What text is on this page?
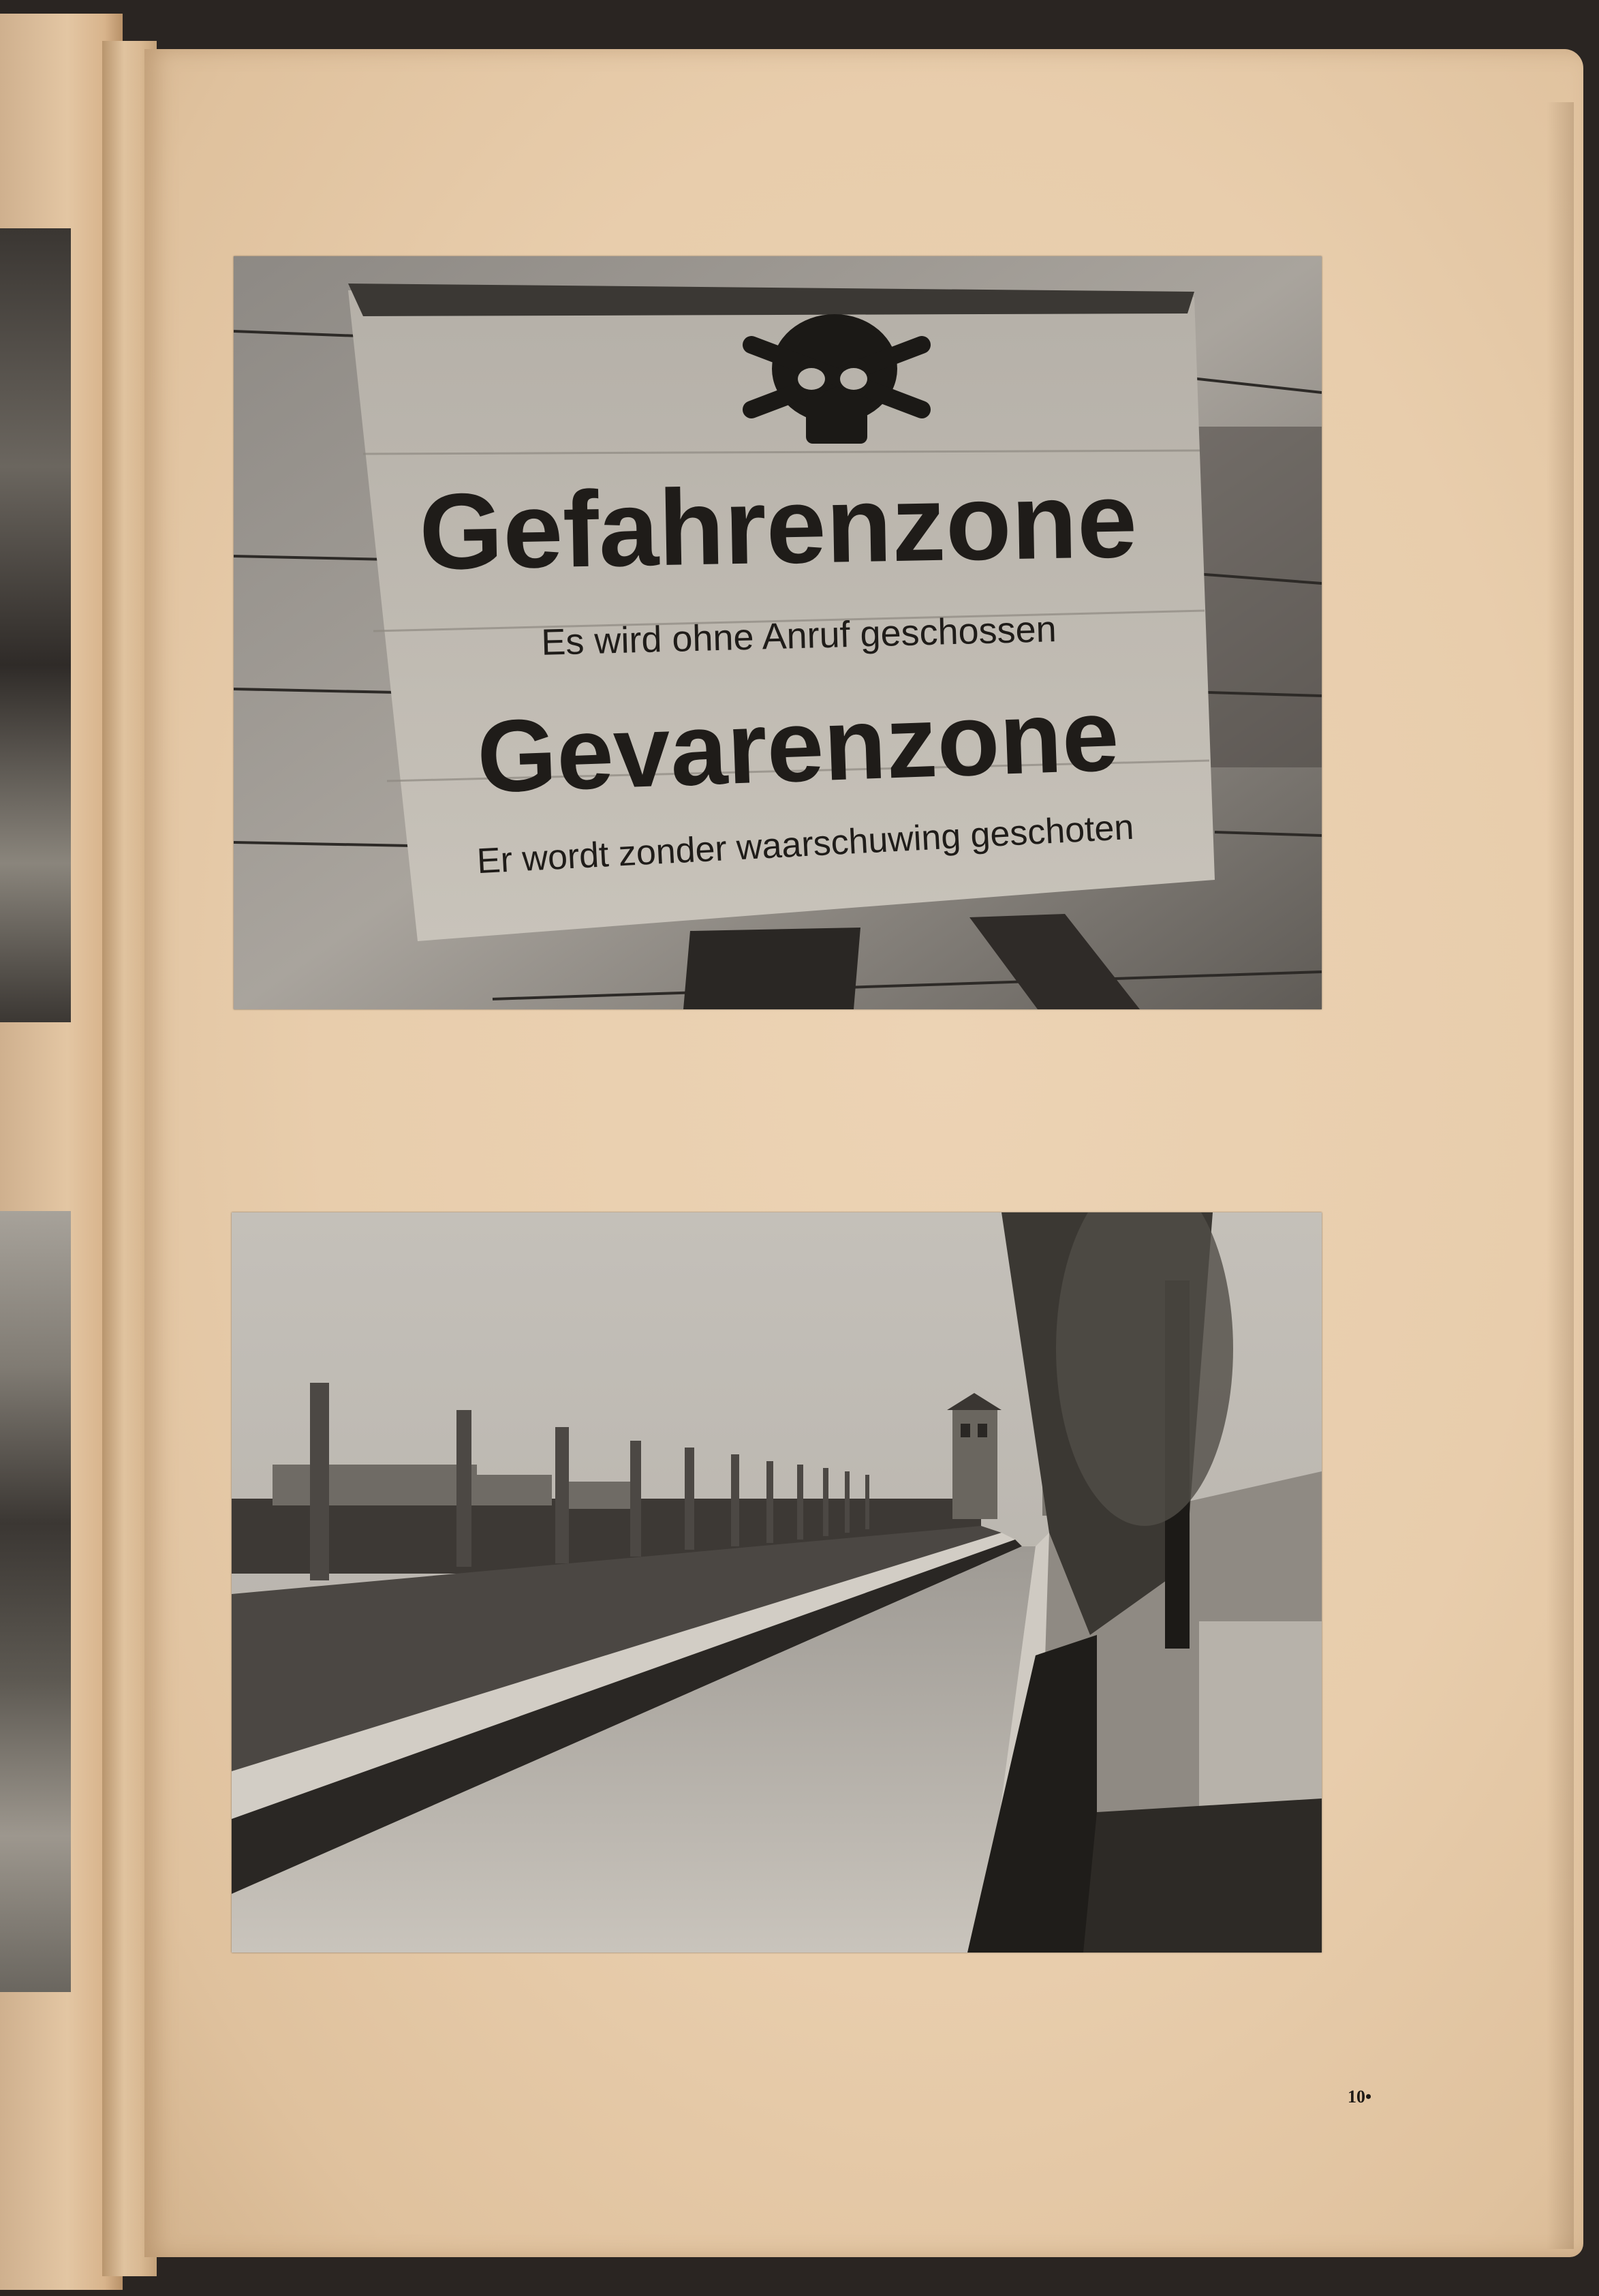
Gefahrenzone
Es wird ohne Anruf geschossen
Gevarenzone
Er wordt zonder waarschuwing geschoten
10•
